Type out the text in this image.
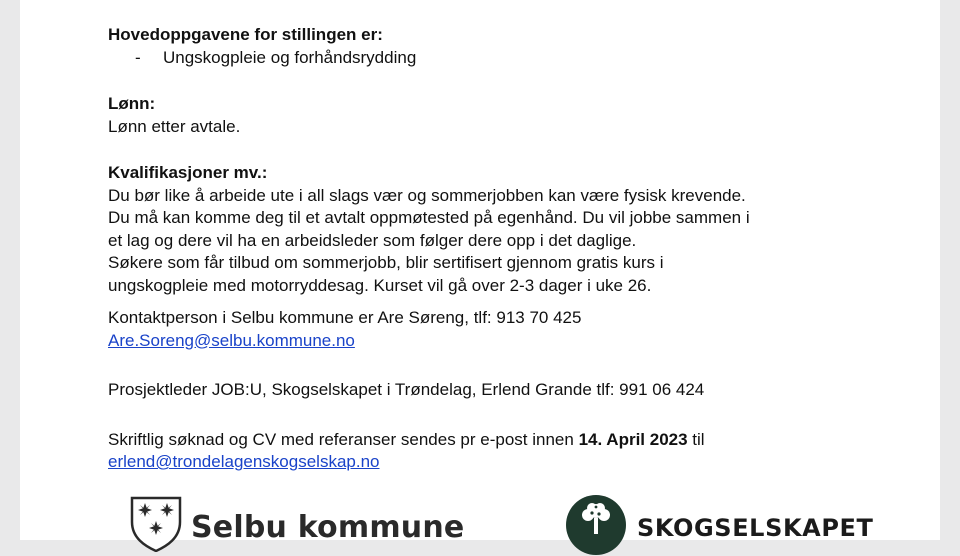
Hovedoppgavene for stillingen er:
-	Ungskogpleie og forhåndsrydding
Lønn:
Lønn etter avtale.
Kvalifikasjoner mv.:
Du bør like å arbeide ute i all slags vær og sommerjobben kan være fysisk krevende.
Du må kan komme deg til et avtalt oppmøtested på egenhånd. Du vil jobbe sammen i
et lag og dere vil ha en arbeidsleder som følger dere opp i det daglige.
Søkere som får tilbud om sommerjobb, blir sertifisert gjennom gratis kurs i
ungskogpleie med motorryddesag. Kurset vil gå over 2-3 dager i uke 26.
Kontaktperson i Selbu kommune er Are Søreng, tlf: 913 70 425
Are.Soreng@selbu.kommune.no
Prosjektleder JOB:U, Skogselskapet i Trøndelag, Erlend Grande tlf: 991 06 424
Skriftlig søknad og CV med referanser sendes pr e-post innen 14. April 2023 til
erlend@trondelagenskogselskap.no
Selbu kommune	SKOGSELSKAPET
